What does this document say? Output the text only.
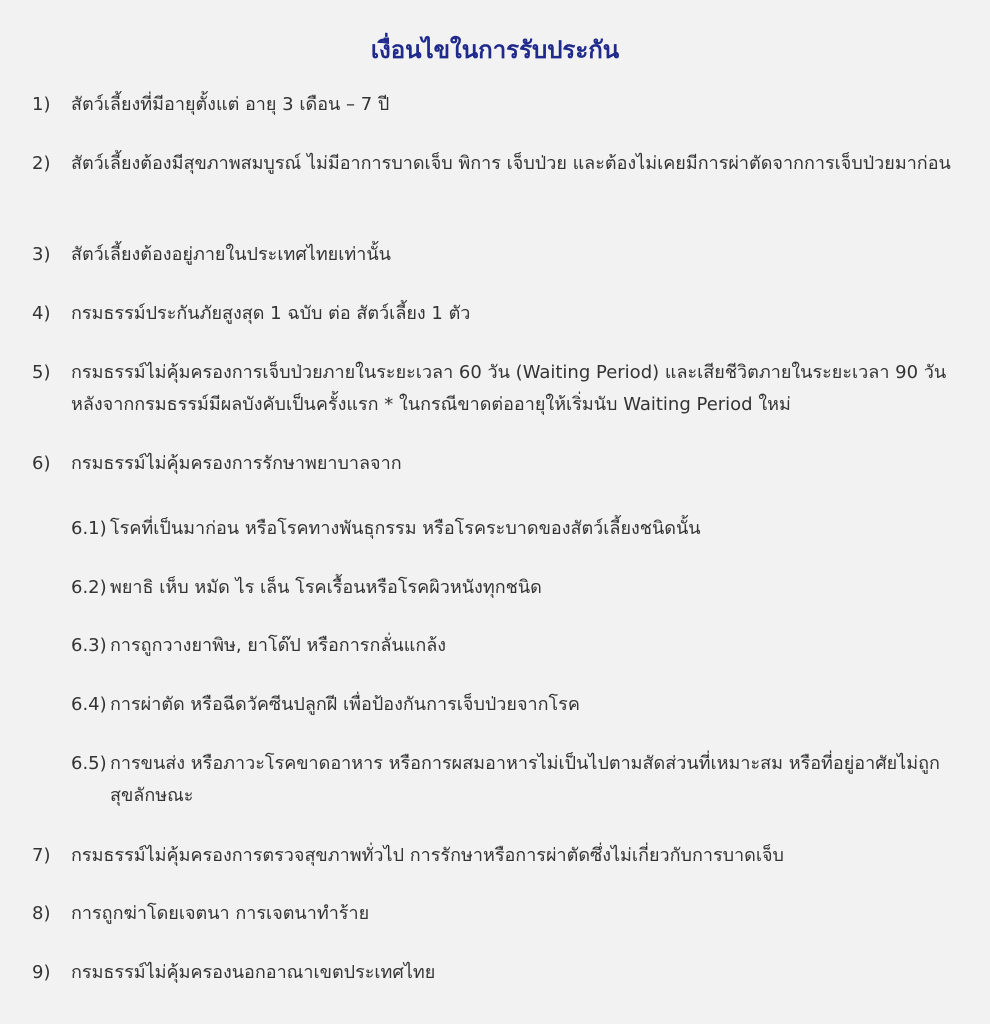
เงื่อนไขในการรับประกัน
1)	สัตว์เลี้ยงที่มีอายุตั้งแต่ อายุ 3 เดือน – 7 ปี
2)	สัตว์เลี้ยงต้องมีสุขภาพสมบูรณ์ ไม่มีอาการบาดเจ็บ พิการ เจ็บป่วย และต้องไม่เคยมีการผ่าตัดจากการเจ็บป่วยมาก่อน
3)	สัตว์เลี้ยงต้องอยู่ภายในประเทศไทยเท่านั้น
4)	กรมธรรม์ประกันภัยสูงสุด 1 ฉบับ ต่อ สัตว์เลี้ยง 1 ตัว
5)	กรมธรรม์ไม่คุ้มครองการเจ็บป่วยภายในระยะเวลา 60 วัน (Waiting Period) และเสียชีวิตภายในระยะเวลา 90 วัน หลังจากกรมธรรม์มีผลบังคับเป็นครั้งแรก * ในกรณีขาดต่ออายุให้เริ่มนับ Waiting Period ใหม่
6)	กรมธรรม์ไม่คุ้มครองการรักษาพยาบาลจาก
6.1) โรคที่เป็นมาก่อน หรือโรคทางพันธุกรรม หรือโรคระบาดของสัตว์เลี้ยงชนิดนั้น
6.2) พยาธิ เห็บ หมัด ไร เล็น โรคเรื้อนหรือโรคผิวหนังทุกชนิด
6.3) การถูกวางยาพิษ, ยาโด๊ป หรือการกลั่นแกล้ง
6.4) การผ่าตัด หรือฉีดวัคซีนปลูกฝี เพื่อป้องกันการเจ็บป่วยจากโรค
6.5) การขนส่ง หรือภาวะโรคขาดอาหาร หรือการผสมอาหารไม่เป็นไปตามสัดส่วนที่เหมาะสม หรือที่อยู่อาศัยไม่ถูกสุขลักษณะ
7)	กรมธรรม์ไม่คุ้มครองการตรวจสุขภาพทั่วไป การรักษาหรือการผ่าตัดซึ่งไม่เกี่ยวกับการบาดเจ็บ
8)	การถูกฆ่าโดยเจตนา การเจตนาทำร้าย
9)	กรมธรรม์ไม่คุ้มครองนอกอาณาเขตประเทศไทย
